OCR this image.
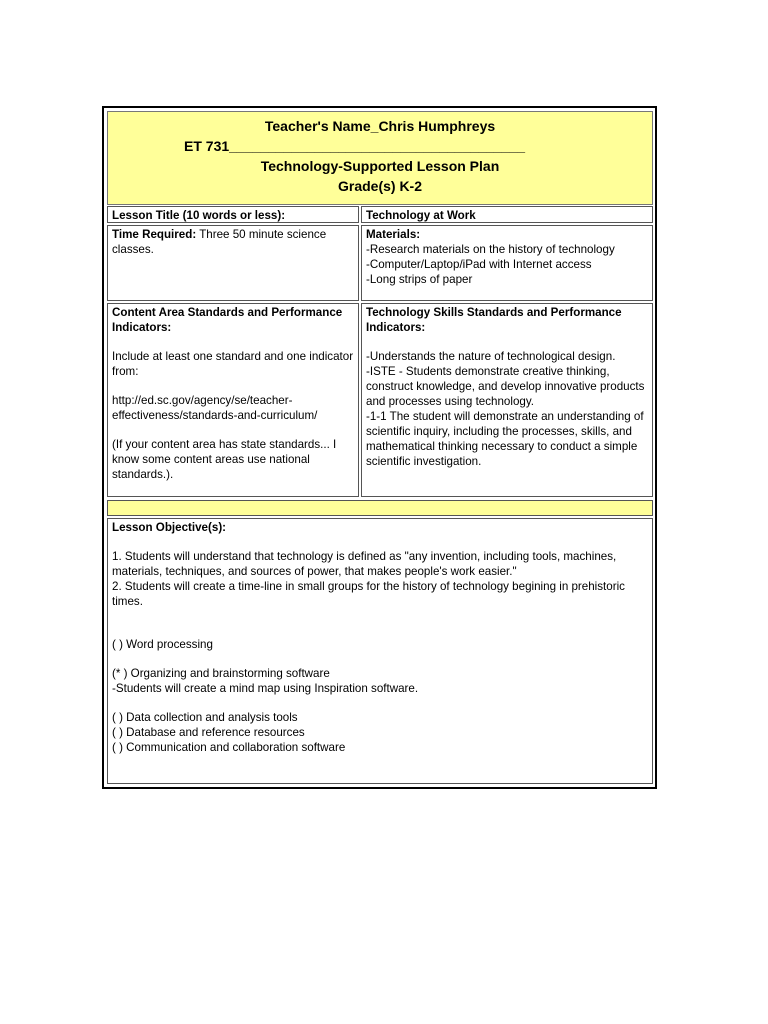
Teacher's Name_Chris Humphreys

ET 731______________________________________

Technology-Supported Lesson Plan

Grade(s) K-2

Lesson Title (10 words or less):	Technology at Work
Time Required: Three 50 minute science classes.

Materials:

-Research materials on the history of technology

-Computer/Laptop/iPad with Internet access

-Long strips of paper

Content Area Standards and Performance Indicators:

Include at least one standard and one indicator from:

http://ed.sc.gov/agency/se/teacher-effectiveness/standards-and-curriculum/

(If your content area has state standards... I know some content areas use national standards.).

Technology Skills Standards and Performance Indicators:

-Understands the nature of technological design.

-ISTE - Students demonstrate creative thinking, construct knowledge, and develop innovative products and processes using technology.

-1-1 The student will demonstrate an understanding of scientific inquiry, including the processes, skills, and mathematical thinking necessary to conduct a simple scientific investigation.

Lesson Objective(s):

1. Students will understand that technology is defined as "any invention, including tools, machines, materials, techniques, and sources of power, that makes people's work easier."

2. Students will create a time-line in small groups for the history of technology begining in prehistoric times.

( ) Word processing

(* ) Organizing and brainstorming software

-Students will create a mind map using Inspiration software.

( ) Data collection and analysis tools

( ) Database and reference resources

( ) Communication and collaboration software
